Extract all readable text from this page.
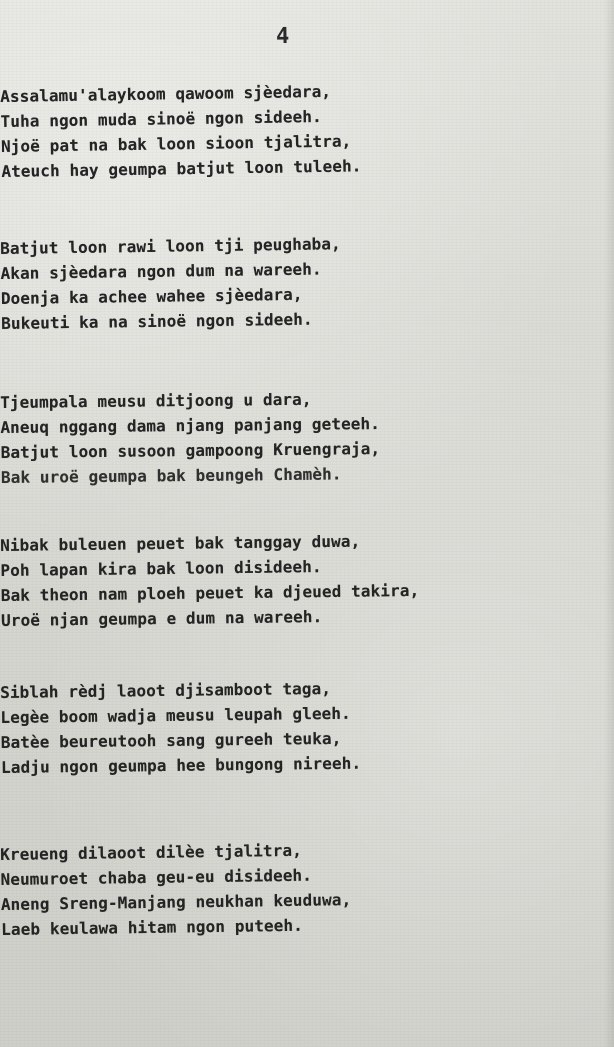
4
Assalamu'alaykoom qawoom sjèedara,
Tuha ngon muda sinoë ngon sideeh.
Njoë pat na bak loon sioon tjalitra,
Ateuch hay geumpa batjut loon tuleeh.
Batjut loon rawi loon tji peughaba,
Akan sjèedara ngon dum na wareeh.
Doenja ka achee wahee sjèedara,
Bukeuti ka na sinoë ngon sideeh.
Tjeumpala meusu ditjoong u dara,
Aneuq nggang dama njang panjang geteeh.
Batjut loon susoon gampoong Kruengraja,
Bak uroë geumpa bak beungeh Chamèh.
Nibak buleuen peuet bak tanggay duwa,
Poh lapan kira bak loon disideeh.
Bak theon nam ploeh peuet ka djeued takira,
Uroë njan geumpa e dum na wareeh.
Siblah rèdj laoot djisamboot taga,
Legèe boom wadja meusu leupah gleeh.
Batèe beureutooh sang gureeh teuka,
Ladju ngon geumpa hee bungong nireeh.
Kreueng dilaoot dilèe tjalitra,
Neumuroet chaba geu-eu disideeh.
Aneng Sreng-Manjang neukhan keuduwa,
Laeb keulawa hitam ngon puteeh.
